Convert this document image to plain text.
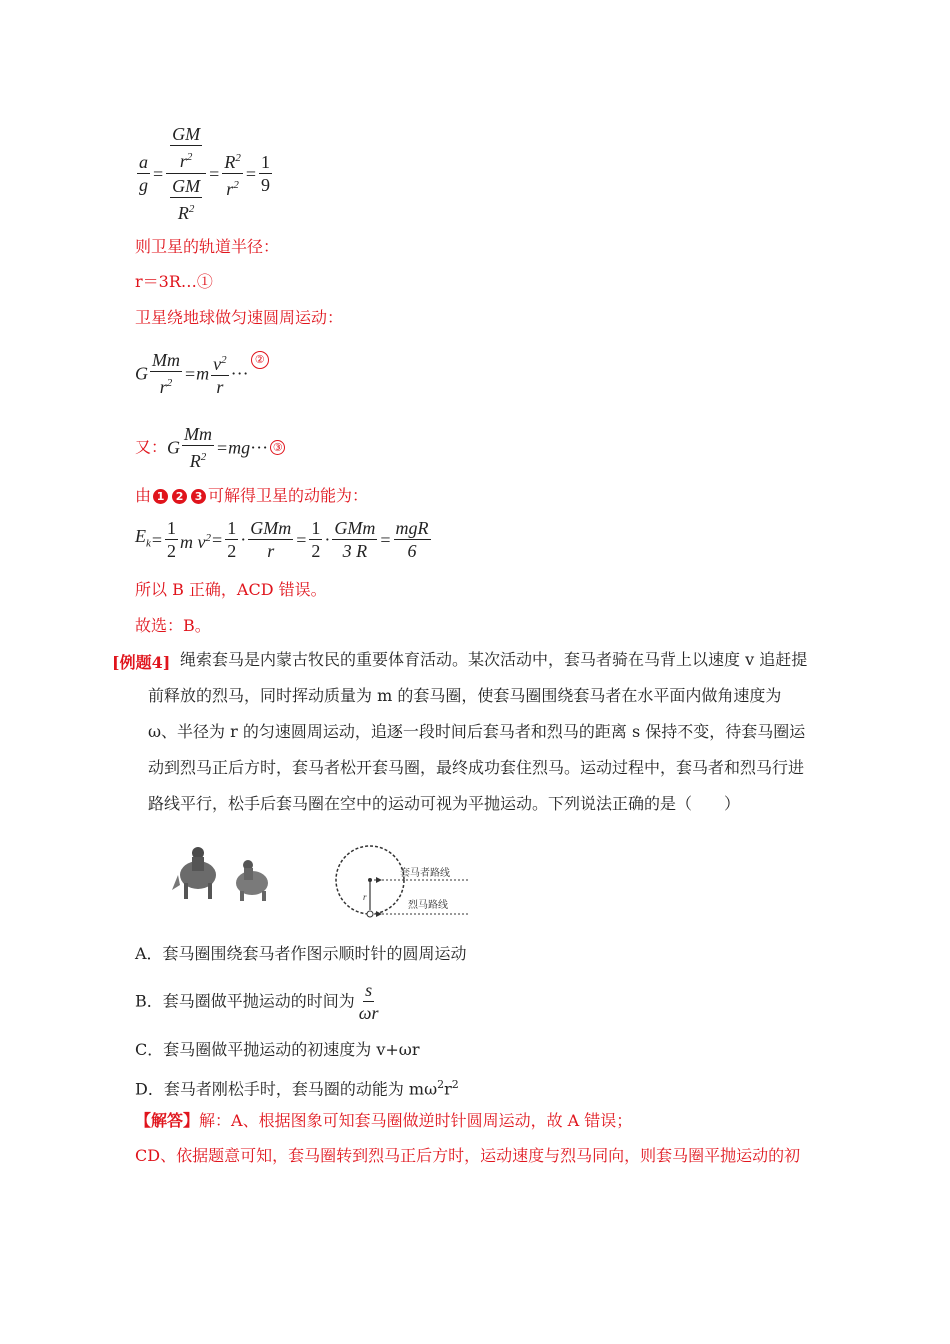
$\frac{a}{g} = \frac{\frac{GM}{r^2}}{\frac{GM}{R^2}} = \frac{R^2}{r^2} = \frac{1}{9}$
则卫星的轨道半径：
r＝3R…①
卫星绕地球做匀速圆周运动：
G $\frac{Mm}{r^2} =m \frac{v^2}{r}$ ···②
又：G $\frac{Mm}{R^2} =mg\cdot\cdot\cdot$ ③
由 1 2 3 可解得卫星的动能为：
$E_k= \frac{1}{2}$ m $v^2= \frac{1}{2} \cdot \frac{\text{GMm}}{r} = \frac{1}{2} \cdot \frac{\text{GMm}}{3 R} = \frac{\text{mgR}}{6}$
所以 B 正确，ACD 错误。
故选：B。
[例题4] 绳索套马是内蒙古牧民的重要体育活动。某次活动中，套马者骑在马背上以速度 v 追赶提
前释放的烈马，同时挥动质量为 m 的套马圈，使套马圈围绕套马者在水平面内做角速度为
ω、半径为 r 的匀速圆周运动，追逐一段时间后套马者和烈马的距离 s 保持不变，待套马圈运
动到烈马正后方时，套马者松开套马圈，最终成功套住烈马。运动过程中，套马者和烈马行进
路线平行，松手后套马圈在空中的运动可视为平抛运动。下列说法正确的是（　　）
r
套马者路线
烈马路线
A．套马圈围绕套马者作图示顺时针的圆周运动
B．套马圈做平抛运动的时间为 $\frac{s}{\omega r}$
C．套马圈做平抛运动的初速度为 v+ωr
D．套马者刚松手时，套马圈的动能为 $m\omega^2r^2$
【解答】解：A、根据图象可知套马圈做逆时针圆周运动，故 A 错误；
CD、依据题意可知，套马圈转到烈马正后方时，运动速度与烈马同向，则套马圈平抛运动的初
